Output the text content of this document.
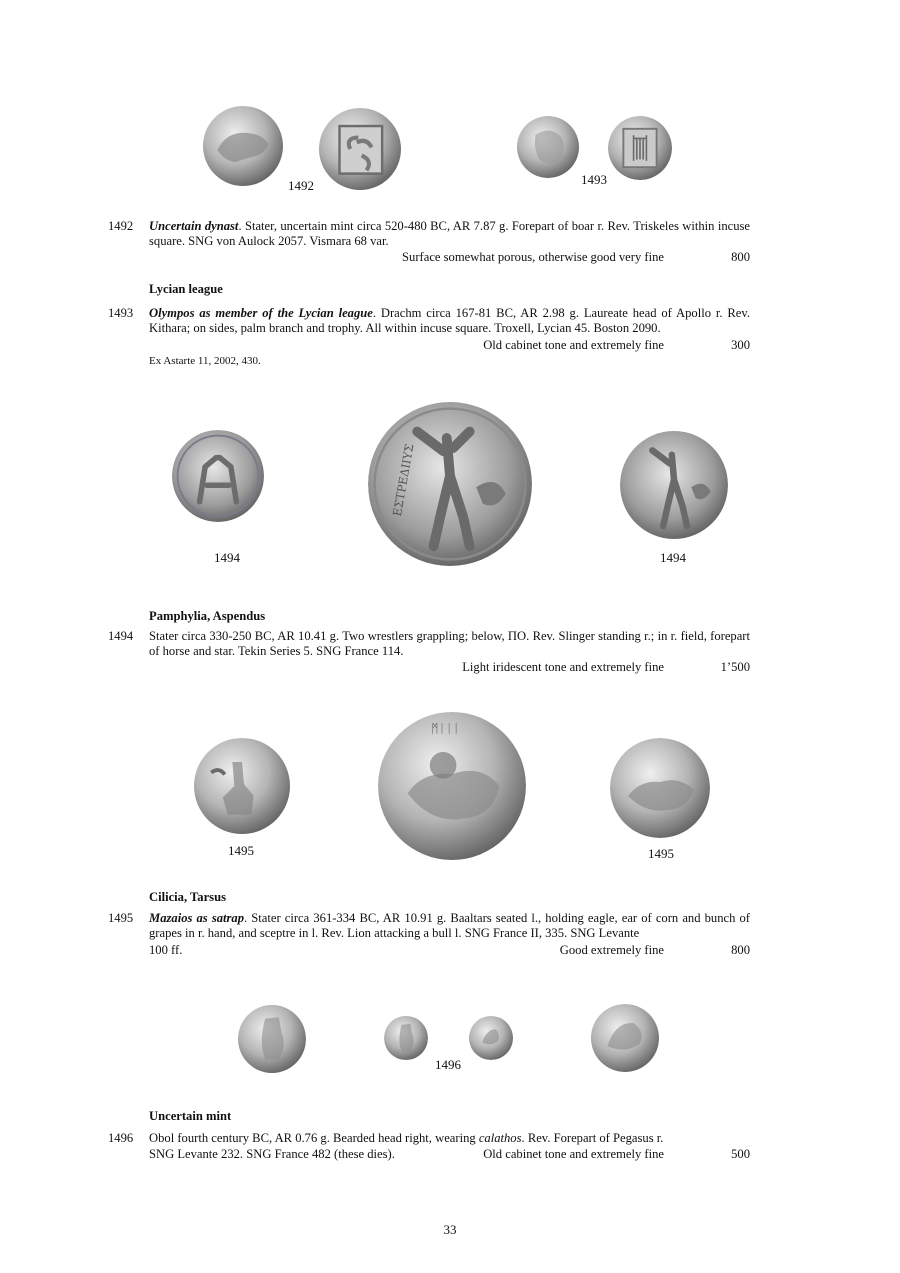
1492	1493
1492 Uncertain dynast. Stater, uncertain mint circa 520-480 BC, AR 7.87 g. Forepart of boar r. Rev. Triskeles within incuse square. SNG von Aulock 2057. Vismara 68 var.
Surface somewhat porous, otherwise good very fine	800
Lycian league
1493 Olympos as member of the Lycian league. Drachm circa 167-81 BC, AR 2.98 g. Laureate head of Apollo r. Rev. Kithara; on sides, palm branch and trophy. All within incuse square. Troxell, Lycian 45. Boston 2090.
Old cabinet tone and extremely fine	300
Ex Astarte 11, 2002, 430.
ΕΣΤΡΕΔΙΙΥΣ
1494	1494
Pamphylia, Aspendus
1494 Stater circa 330-250 BC, AR 10.41 g. Two wrestlers grappling; below, ΠΟ. Rev. Slinger standing r.; in r. field, forepart of horse and star. Tekin Series 5. SNG France 114.
Light iridescent tone and extremely fine	1’500
ᛗᛁᛁᛁ
1495	1495
Cilicia, Tarsus
1495 Mazaios as satrap. Stater circa 361-334 BC, AR 10.91 g. Baaltars seated l., holding eagle, ear of corn and bunch of grapes in r. hand, and sceptre in l. Rev. Lion attacking a bull l. SNG France II, 335. SNG Levante
100 ff.	Good extremely fine	800
1496
Uncertain mint
1496 Obol fourth century BC, AR 0.76 g. Bearded head right, wearing calathos. Rev. Forepart of Pegasus r.
SNG Levante 232. SNG France 482 (these dies).	Old cabinet tone and extremely fine	500
33
